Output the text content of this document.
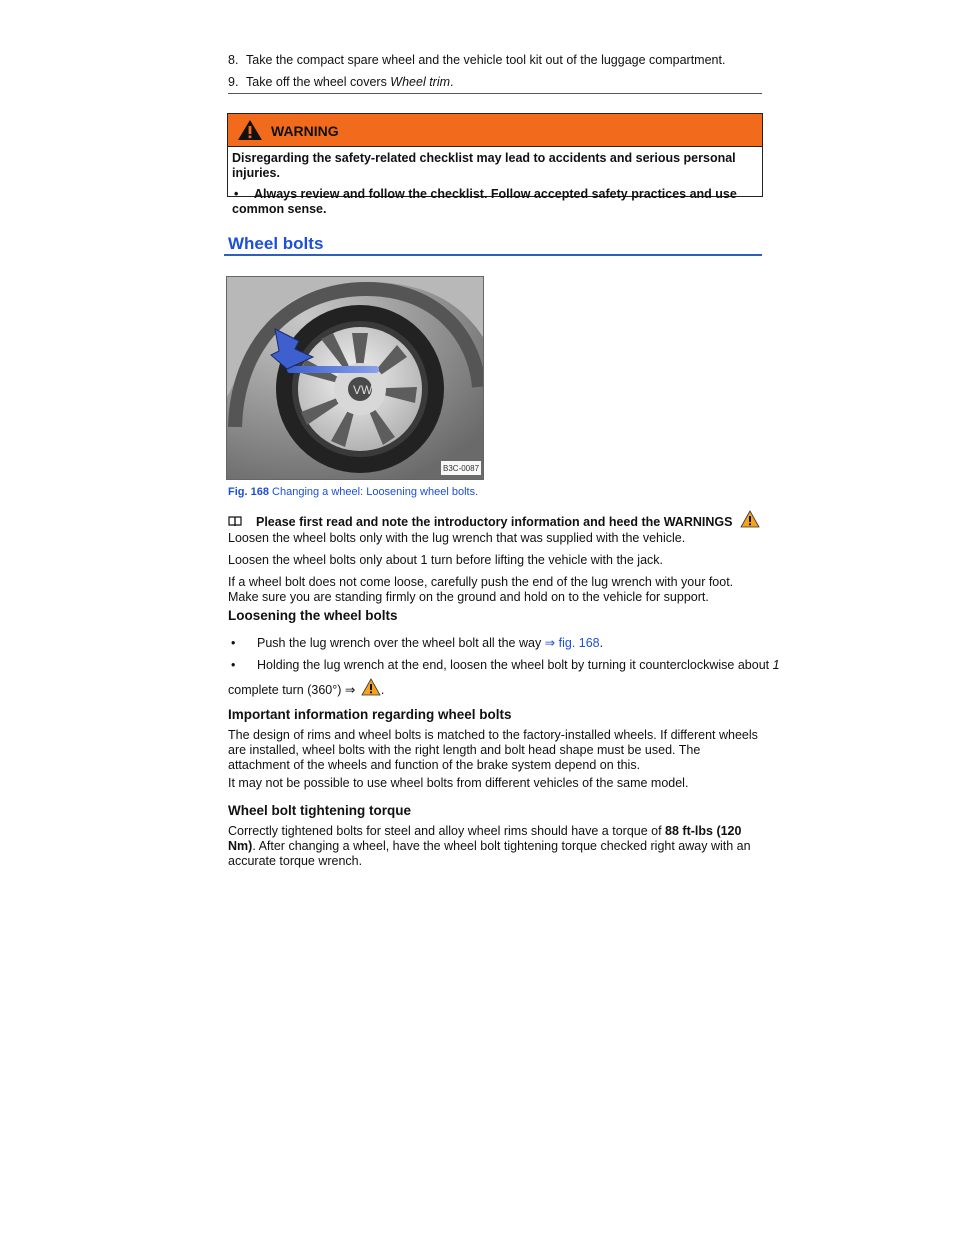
8. Take the compact spare wheel and the vehicle tool kit out of the luggage compartment.
9. Take off the wheel covers Wheel trim.
WARNING
Disregarding the safety-related checklist may lead to accidents and serious personal injuries.
• Always review and follow the checklist. Follow accepted safety practices and use common sense.
Wheel bolts
VW
B3C-0087
Fig. 168 Changing a wheel: Loosening wheel bolts.
Please first read and note the introductory information and heed the WARNINGS
Loosen the wheel bolts only with the lug wrench that was supplied with the vehicle.
Loosen the wheel bolts only about 1 turn before lifting the vehicle with the jack.
If a wheel bolt does not come loose, carefully push the end of the lug wrench with your foot. Make sure you are standing firmly on the ground and hold on to the vehicle for support.
Loosening the wheel bolts
• Push the lug wrench over the wheel bolt all the way ⇒ fig. 168.
• Holding the lug wrench at the end, loosen the wheel bolt by turning it counterclockwise about 1
complete turn (360°) ⇒ .
Important information regarding wheel bolts
The design of rims and wheel bolts is matched to the factory-installed wheels. If different wheels are installed, wheel bolts with the right length and bolt head shape must be used. The attachment of the wheels and function of the brake system depend on this.
It may not be possible to use wheel bolts from different vehicles of the same model.
Wheel bolt tightening torque
Correctly tightened bolts for steel and alloy wheel rims should have a torque of 88 ft-lbs (120 Nm). After changing a wheel, have the wheel bolt tightening torque checked right away with an accurate torque wrench.
